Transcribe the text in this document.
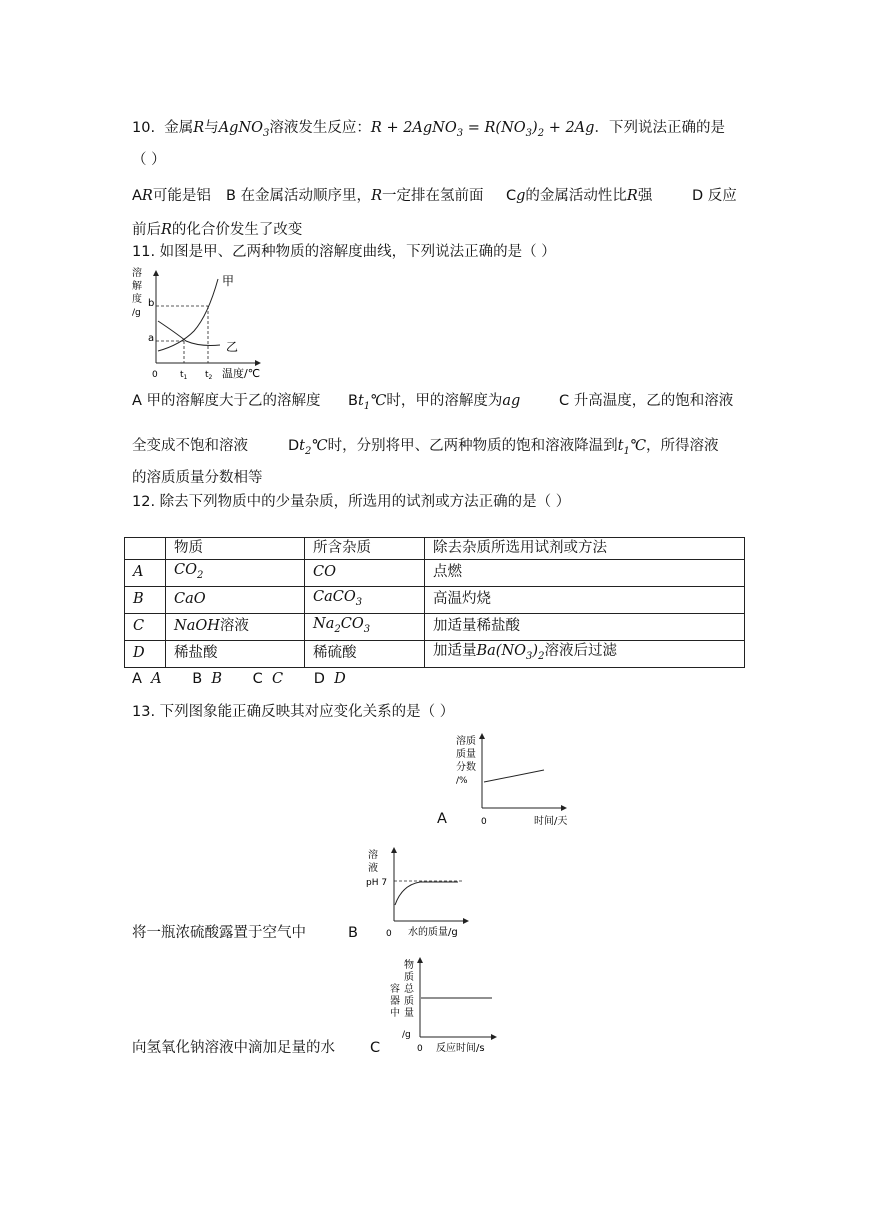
10.  金属R与AgNO$_3$溶液发生反应：R + 2AgNO$_3$ = $R(NO_3)_2 + 2Ag$．下列说法正确的是
（ ）
AR可能是铝 B 在金属活动顺序里，R一定排在氢前面 Cg的金属活动性比R强	D 反应
前后R的化合价发生了改变
11. 如图是甲、乙两种物质的溶解度曲线，下列说法正确的是（ ）
溶
解
度
/g
b
a
甲
乙
0 $t_1$ $t_2$ 温度/℃
A 甲的溶解度大于乙的溶解度 $Bt_1℃$时，甲的溶解度为ag	C 升高温度，乙的饱和溶液
全变成不饱和溶液	$Dt_2℃$时，分别将甲、乙两种物质的饱和溶液降温到$t_1℃$，所得溶液
的溶质质量分数相等
12. 除去下列物质中的少量杂质，所选用的试剂或方法正确的是（ ）
	物质	所含杂质	除去杂质所选用试剂或方法
A	$CO_2$	CO	点燃
B	CaO	CaCO$_3$	高温灼烧
C	NaOH溶液	$Na_2CO_3$	加适量稀盐酸
D	稀盐酸	稀硫酸	加适量$Ba(NO_3)_2$溶液后过滤
A  A B  B C  C D  D
13. 下列图象能正确反映其对应变化关系的是（ ）
A
溶质
质量
分数
/%
0	时间/天
将一瓶浓硫酸露置于空气中	B
溶
液
pH 7
0 水的质量/g
向氢氧化钠溶液中滴加足量的水 C
物
质
总
质
量
容
器
中
/g
0 反应时间/s
